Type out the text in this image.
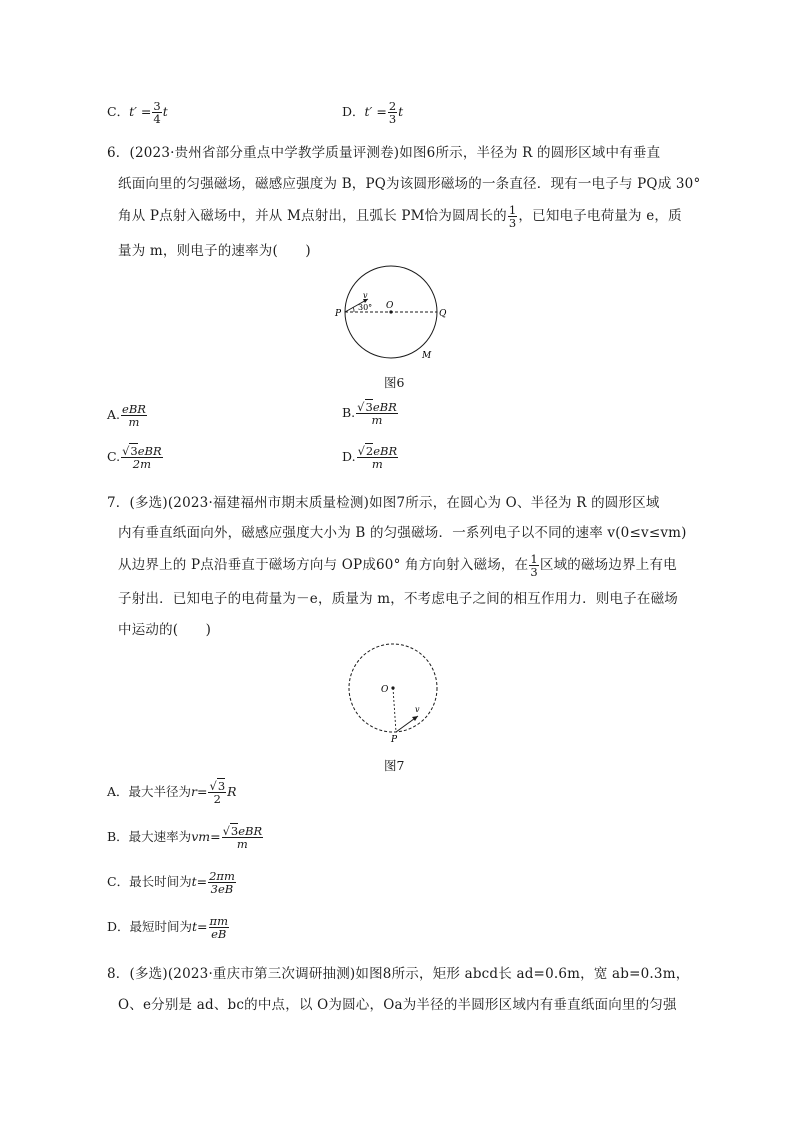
C．$t' = \frac{3}{4}$ t	D．$t' = \frac{2}{3}$ t
6．(2023·贵州省部分重点中学教学质量评测卷)如图6所示，半径为 R 的圆形区域中有垂直
纸面向里的匀强磁场，磁感应强度为 B，PQ为该圆形磁场的一条直径．现有一电子与 PQ成 30°
角从 P点射入磁场中，并从 M点射出，且弧长 PM恰为圆周长的 $\frac{1}{3}$ ，已知电子电荷量为 e，质
量为 m，则电子的速率为(　　)
v
30° O
P	Q
M
图6
A. $\frac{\text{eBR}}{m}$	B. $\frac{\text{√3eBR}}{m}$
C. $\frac{\text{√3eBR}}{2m}$	D. $\frac{\text{√2eBR}}{m}$
7．(多选)(2023·福建福州市期末质量检测)如图7所示，在圆心为 O、半径为 R 的圆形区域
内有垂直纸面向外，磁感应强度大小为 B 的匀强磁场．一系列电子以不同的速率 v(0≤v≤vm)
从边界上的 P点沿垂直于磁场方向与 OP成60° 角方向射入磁场，在 $\frac{1}{3}$ 区域的磁场边界上有电
子射出．已知电子的电荷量为－e，质量为 m，不考虑电子之间的相互作用力．则电子在磁场
中运动的(　　)
O
P
v
图7
A．最大半径为$r= \frac{√3}{2}$ R
B．最大速率为$vm= \frac{\text{√3eBR}}{m}$
C．最长时间为$t= \frac{2\pi m}{3eB}$
D．最短时间为$t= \frac{\pi m}{eB}$
8．(多选)(2023·重庆市第三次调研抽测)如图8所示，矩形 abcd长 ad=0.6m，宽 ab=0.3m，
O、e分别是 ad、bc的中点，以 O为圆心，Oa为半径的半圆形区域内有垂直纸面向里的匀强
